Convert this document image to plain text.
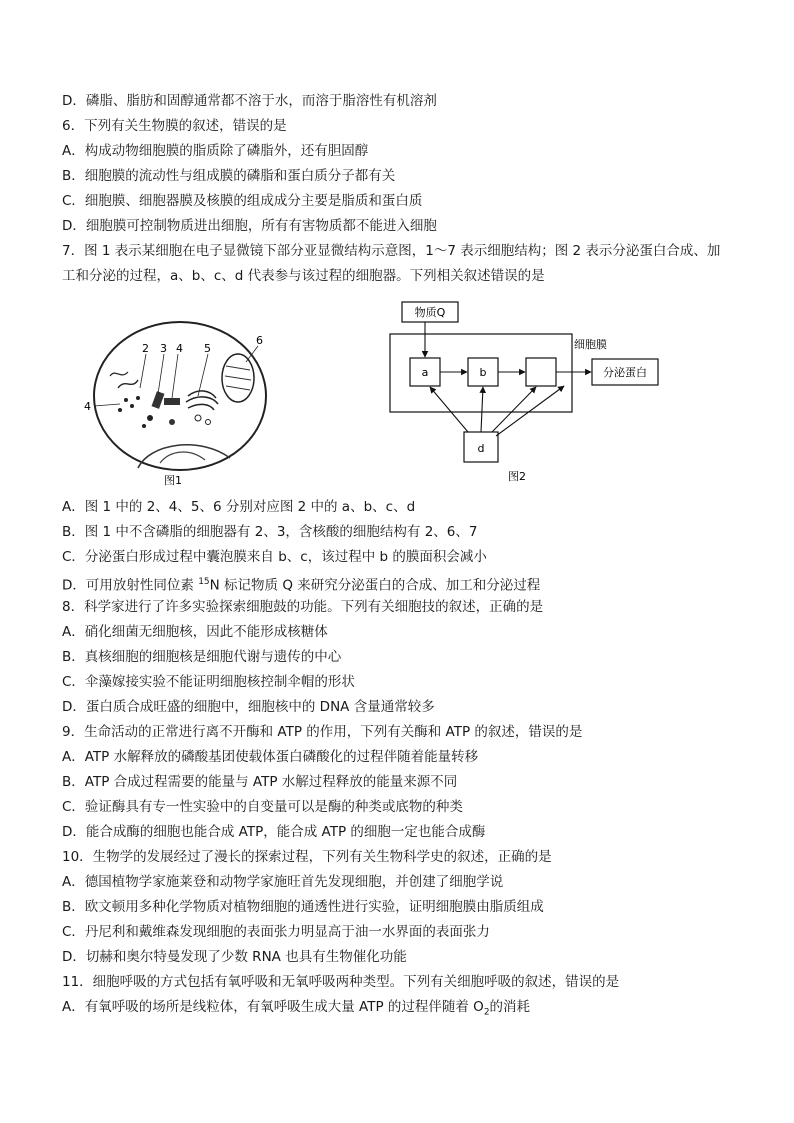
D．磷脂、脂肪和固醇通常都不溶于水，而溶于脂溶性有机溶剂
6．下列有关生物膜的叙述，错误的是
A．构成动物细胞膜的脂质除了磷脂外，还有胆固醇
B．细胞膜的流动性与组成膜的磷脂和蛋白质分子都有关
C．细胞膜、细胞器膜及核膜的组成成分主要是脂质和蛋白质
D．细胞膜可控制物质进出细胞，所有有害物质都不能进入细胞
7．图 1 表示某细胞在电子显微镜下部分亚显微结构示意图，1～7 表示细胞结构；图 2 表示分泌蛋白合成、加
工和分泌的过程，a、b、c、d 代表参与该过程的细胞器。下列相关叙述错误的是
2 3 4 5
6
4
图1
物质Q
细胞膜
a	b	分泌蛋白
d
图2
A．图 1 中的 2、4、5、6 分别对应图 2 中的 a、b、c、d
B．图 1 中不含磷脂的细胞器有 2、3，含核酸的细胞结构有 2、6、7
C．分泌蛋白形成过程中囊泡膜来自 b、c，该过程中 b 的膜面积会减小
D．可用放射性同位素 $^{15}$N 标记物质 Q 来研究分泌蛋白的合成、加工和分泌过程
8．科学家进行了许多实验探索细胞鼓的功能。下列有关细胞技的叙述，正确的是
A．硝化细菌无细胞核，因此不能形成核糖体
B．真核细胞的细胞核是细胞代谢与遗传的中心
C．伞藻嫁接实验不能证明细胞核控制伞帽的形状
D．蛋白质合成旺盛的细胞中，细胞核中的 DNA 含量通常较多
9．生命活动的正常进行离不开酶和 ATP 的作用，下列有关酶和 ATP 的叙述，错误的是
A．ATP 水解释放的磷酸基团使载体蛋白磷酸化的过程伴随着能量转移
B．ATP 合成过程需要的能量与 ATP 水解过程释放的能量来源不同
C．验证酶具有专一性实验中的自变量可以是酶的种类或底物的种类
D．能合成酶的细胞也能合成 ATP，能合成 ATP 的细胞一定也能合成酶
10．生物学的发展经过了漫长的探索过程，下列有关生物科学史的叙述，正确的是
A．德国植物学家施莱登和动物学家施旺首先发现细胞，并创建了细胞学说
B．欧文顿用多种化学物质对植物细胞的通透性进行实验，证明细胞膜由脂质组成
C．丹尼利和戴维森发现细胞的表面张力明显高于油一水界面的表面张力
D．切赫和奥尔特曼发现了少数 RNA 也具有生物催化功能
11．细胞呼吸的方式包括有氧呼吸和无氧呼吸两种类型。下列有关细胞呼吸的叙述，错误的是
A．有氧呼吸的场所是线粒体，有氧呼吸生成大量 ATP 的过程伴随着 $O_2$的消耗
